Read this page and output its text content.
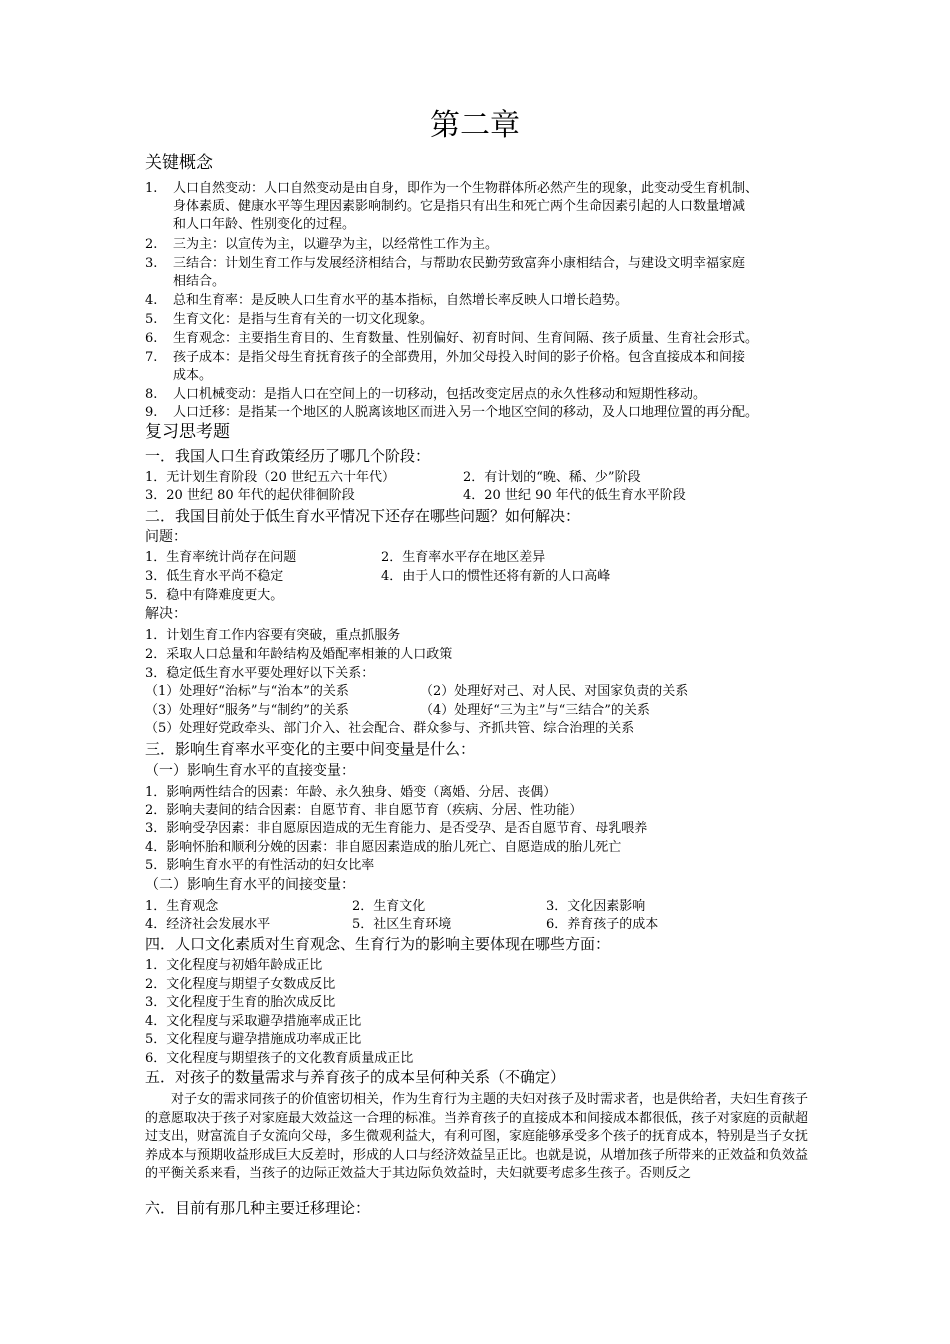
第二章
关键概念
1. 人口自然变动：人口自然变动是由自身，即作为一个生物群体所必然产生的现象，此变动受生育机制、
身体素质、健康水平等生理因素影响制约。它是指只有出生和死亡两个生命因素引起的人口数量增减
和人口年龄、性别变化的过程。
2. 三为主：以宣传为主，以避孕为主，以经常性工作为主。
3. 三结合：计划生育工作与发展经济相结合，与帮助农民勤劳致富奔小康相结合，与建设文明幸福家庭
相结合。
4. 总和生育率：是反映人口生育水平的基本指标，自然增长率反映人口增长趋势。
5. 生育文化：是指与生育有关的一切文化现象。
6. 生育观念：主要指生育目的、生育数量、性别偏好、初育时间、生育间隔、孩子质量、生育社会形式。
7. 孩子成本：是指父母生育抚育孩子的全部费用，外加父母投入时间的影子价格。包含直接成本和间接
成本。
8. 人口机械变动：是指人口在空间上的一切移动，包括改变定居点的永久性移动和短期性移动。
9. 人口迁移：是指某一个地区的人脱离该地区而进入另一个地区空间的移动，及人口地理位置的再分配。
复习思考题
一．我国人口生育政策经历了哪几个阶段：
1．无计划生育阶段（20 世纪五六十年代）	2．有计划的“晚、稀、少”阶段
3．20 世纪 80 年代的起伏徘徊阶段	4．20 世纪 90 年代的低生育水平阶段
二．我国目前处于低生育水平情况下还存在哪些问题？如何解决：
问题：
1．生育率统计尚存在问题	2．生育率水平存在地区差异
3．低生育水平尚不稳定	4．由于人口的惯性还将有新的人口高峰
5．稳中有降难度更大。
解决：
1．计划生育工作内容要有突破，重点抓服务
2．采取人口总量和年龄结构及婚配率相兼的人口政策
3．稳定低生育水平要处理好以下关系：
（1）处理好“治标”与“治本”的关系	（2）处理好对己、对人民、对国家负责的关系
（3）处理好“服务”与“制约”的关系	（4）处理好“三为主”与“三结合”的关系
（5）处理好党政牵头、部门介入、社会配合、群众参与、齐抓共管、综合治理的关系
三．影响生育率水平变化的主要中间变量是什么：
（一）影响生育水平的直接变量：
1．影响两性结合的因素：年龄、永久独身、婚变（离婚、分居、丧偶）
2．影响夫妻间的结合因素：自愿节育、非自愿节育（疾病、分居、性功能）
3．影响受孕因素：非自愿原因造成的无生育能力、是否受孕、是否自愿节育、母乳喂养
4．影响怀胎和顺利分娩的因素：非自愿因素造成的胎儿死亡、自愿造成的胎儿死亡
5．影响生育水平的有性活动的妇女比率
（二）影响生育水平的间接变量：
1．生育观念	2．生育文化	3．文化因素影响
4．经济社会发展水平	5．社区生育环境	6．养育孩子的成本
四．人口文化素质对生育观念、生育行为的影响主要体现在哪些方面：
1．文化程度与初婚年龄成正比
2．文化程度与期望子女数成反比
3．文化程度于生育的胎次成反比
4．文化程度与采取避孕措施率成正比
5．文化程度与避孕措施成功率成正比
6．文化程度与期望孩子的文化教育质量成正比
五．对孩子的数量需求与养育孩子的成本呈何种关系（不确定）
对子女的需求同孩子的价值密切相关，作为生育行为主题的夫妇对孩子及时需求者，也是供给者，夫妇生育孩子的意愿取决于孩子对家庭最大效益这一合理的标准。当养育孩子的直接成本和间接成本都很低，孩子对家庭的贡献超过支出，财富流自子女流向父母，多生微观利益大，有利可图，家庭能够承受多个孩子的抚育成本，特别是当子女抚养成本与预期收益形成巨大反差时，形成的人口与经济效益呈正比。也就是说，从增加孩子所带来的正效益和负效益的平衡关系来看，当孩子的边际正效益大于其边际负效益时，夫妇就要考虑多生孩子。否则反之
六．目前有那几种主要迁移理论：
